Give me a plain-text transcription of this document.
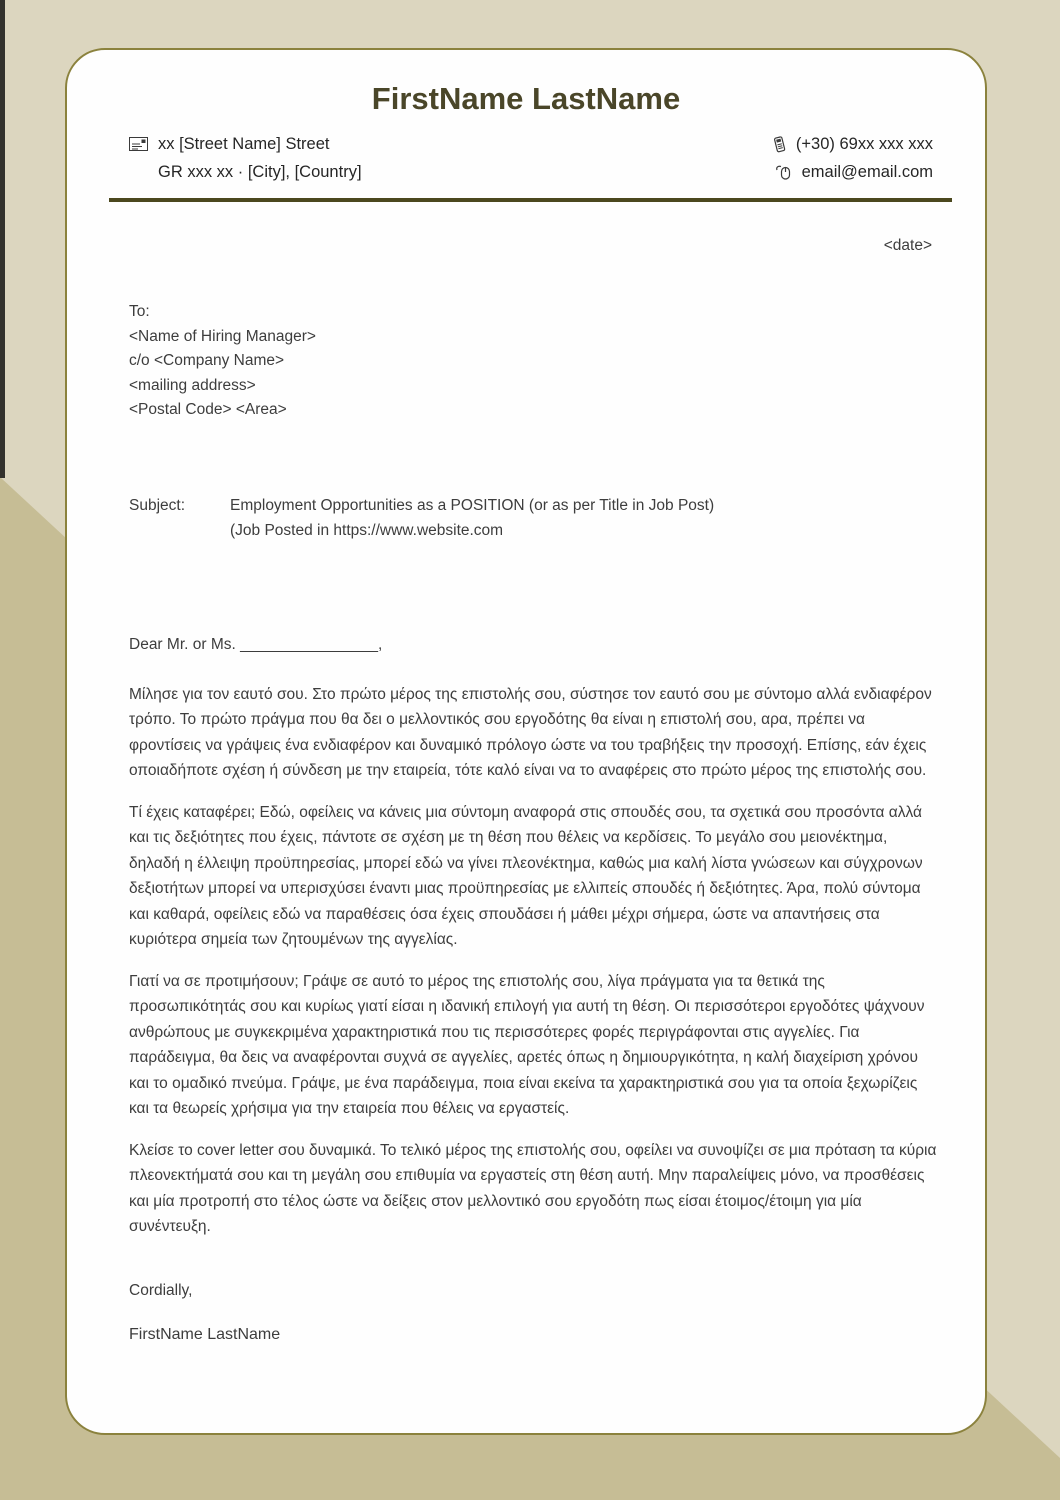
FirstName LastName
xx [Street Name] Street
GR xxx xx · [City], [Country]
(+30) 69xx xxx xxx
email@email.com
<date>
To:
<Name of Hiring Manager>
c/o <Company Name>
<mailing address>
<Postal Code> <Area>
Subject:	Employment Opportunities as a POSITION (or as per Title in Job Post)
(Job Posted in https://www.website.com
Dear Mr. or Ms. ________________,

Μίλησε για τον εαυτό σου. Στο πρώτο μέρος της επιστολής σου, σύστησε τον εαυτό σου με σύντομο αλλά ενδιαφέρον τρόπο. Το πρώτο πράγμα που θα δει ο μελλοντικός σου εργοδότης θα είναι η επιστολή σου, αρα, πρέπει να φροντίσεις να γράψεις ένα ενδιαφέρον και δυναμικό πρόλογο ώστε να του τραβήξεις την προσοχή. Επίσης, εάν έχεις οποιαδήποτε σχέση ή σύνδεση με την εταιρεία, τότε καλό είναι να το αναφέρεις στο πρώτο μέρος της επιστολής σου.

Τί έχεις καταφέρει; Εδώ, οφείλεις να κάνεις μια σύντομη αναφορά στις σπουδές σου, τα σχετικά σου προσόντα αλλά και τις δεξιότητες που έχεις, πάντοτε σε σχέση με τη θέση που θέλεις να κερδίσεις. Το μεγάλο σου μειονέκτημα, δηλαδή η έλλειψη προϋπηρεσίας, μπορεί εδώ να γίνει πλεονέκτημα, καθώς μια καλή λίστα γνώσεων και σύγχρονων δεξιοτήτων μπορεί να υπερισχύσει έναντι μιας προϋπηρεσίας με ελλιπείς σπουδές ή δεξιότητες. Άρα, πολύ σύντομα και καθαρά, οφείλεις εδώ να παραθέσεις όσα έχεις σπουδάσει ή μάθει μέχρι σήμερα, ώστε να απαντήσεις στα κυριότερα σημεία των ζητουμένων της αγγελίας.

Γιατί να σε προτιμήσουν; Γράψε σε αυτό το μέρος της επιστολής σου, λίγα πράγματα για τα θετικά της προσωπικότητάς σου και κυρίως γιατί είσαι η ιδανική επιλογή για αυτή τη θέση. Οι περισσότεροι εργοδότες ψάχνουν ανθρώπους με συγκεκριμένα χαρακτηριστικά που τις περισσότερες φορές περιγράφονται στις αγγελίες. Για παράδειγμα, θα δεις να αναφέρονται συχνά σε αγγελίες, αρετές όπως η δημιουργικότητα, η καλή διαχείριση χρόνου και το ομαδικό πνεύμα. Γράψε, με ένα παράδειγμα, ποια είναι εκείνα τα χαρακτηριστικά σου για τα οποία ξεχωρίζεις και τα θεωρείς χρήσιμα για την εταιρεία που θέλεις να εργαστείς.

Κλείσε το cover letter σου δυναμικά. Το τελικό μέρος της επιστολής σου, οφείλει να συνοψίζει σε μια πρόταση τα κύρια πλεονεκτήματά σου και τη μεγάλη σου επιθυμία να εργαστείς στη θέση αυτή. Μην παραλείψεις μόνο, να προσθέσεις και μία προτροπή στο τέλος ώστε να δείξεις στον μελλοντικό σου εργοδότη πως είσαι έτοιμος/έτοιμη για μία συνέντευξη.

Cordially,
FirstName LastName
